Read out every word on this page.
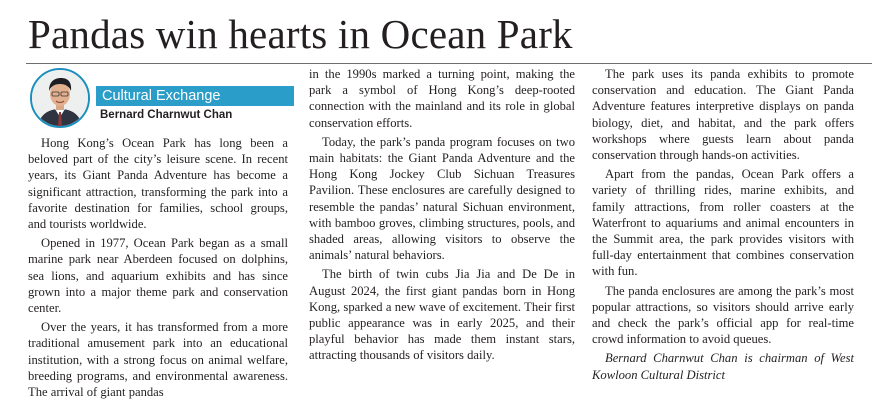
Pandas win hearts in Ocean Park
Cultural Exchange
Bernard Charnwut Chan

Hong Kong’s Ocean Park has long been a beloved part of the city’s leisure scene. In recent years, its Giant Panda Adventure has become a significant attraction, transforming the park into a favorite destination for families, school groups, and tourists worldwide.

Opened in 1977, Ocean Park began as a small marine park near Aberdeen focused on dolphins, sea lions, and aquarium exhibits and has since grown into a major theme park and conservation center.

Over the years, it has transformed from a more traditional amusement park into an educational institution, with a strong focus on animal welfare, breeding programs, and environmental awareness. The arrival of giant pandas

in the 1990s marked a turning point, making the park a symbol of Hong Kong’s deep-rooted connection with the mainland and its role in global conservation efforts.

Today, the park’s panda program focuses on two main habitats: the Giant Panda Adventure and the Hong Kong Jockey Club Sichuan Treasures Pavilion. These enclosures are carefully designed to resemble the pandas’ natural Sichuan environment, with bamboo groves, climbing structures, pools, and shaded areas, allowing visitors to observe the animals’ natural behaviors.

The birth of twin cubs Jia Jia and De De in August 2024, the first giant pandas born in Hong Kong, sparked a new wave of excitement. Their first public appearance was in early 2025, and their playful behavior has made them instant stars, attracting thousands of visitors daily.

The park uses its panda exhibits to promote conservation and education. The Giant Panda Adventure features interpretive displays on panda biology, diet, and habitat, and the park offers workshops where guests learn about panda conservation through hands-on activities.

Apart from the pandas, Ocean Park offers a variety of thrilling rides, marine exhibits, and family attractions, from roller coasters at the Waterfront to aquariums and animal encounters in the Summit area, the park provides visitors with full-day entertainment that combines conservation with fun.

The panda enclosures are among the park’s most popular attractions, so visitors should arrive early and check the park’s official app for real-time crowd information to avoid queues.

Bernard Charnwut Chan is chairman of West Kowloon Cultural District
